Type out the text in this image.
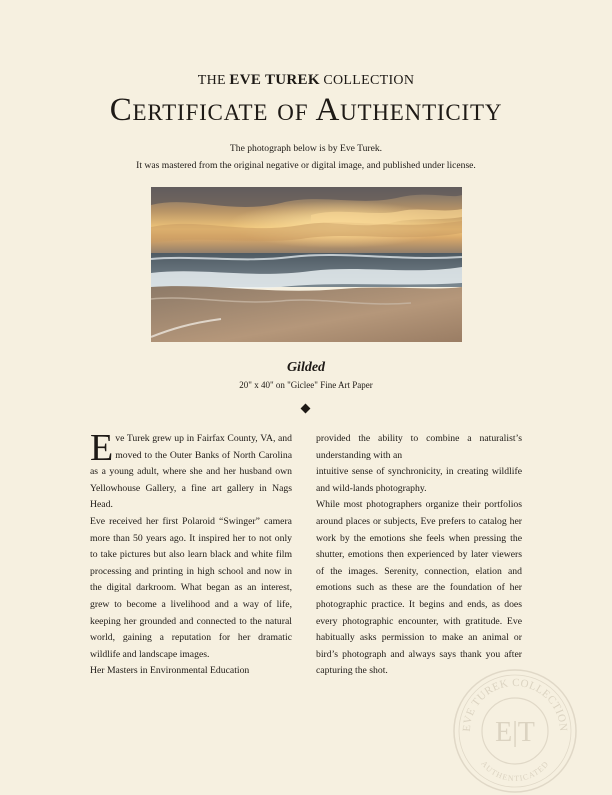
THE EVE TUREK COLLECTION
Certificate of Authenticity
The photograph below is by Eve Turek.
It was mastered from the original negative or digital image, and published under license.
Gilded
20" x 40" on "Giclee" Fine Art Paper

Eve Turek grew up in Fairfax County, VA, and moved to the Outer Banks of North Carolina as a young adult, where she and her husband own Yellowhouse Gallery, a fine art gallery in Nags Head.

Eve received her first Polaroid “Swinger” camera more than 50 years ago. It inspired her to not only to take pictures but also learn black and white film processing and printing in high school and now in the digital darkroom. What began as an interest, grew to become a livelihood and a way of life, keeping her grounded and connected to the natural world, gaining a reputation for her dramatic wildlife and landscape images.

Her Masters in Environmental Education

provided the ability to combine a naturalist’s understanding with an

intuitive sense of synchronicity, in creating wildlife and wild-lands photography.

While most photographers organize their portfolios around places or subjects, Eve prefers to catalog her work by the emotions she feels when pressing the shutter, emotions then experienced by later viewers of the images. Serenity, connection, elation and emotions such as these are the foundation of her photographic practice. It begins and ends, as does every photographic encounter, with gratitude. Eve habitually asks permission to make an animal or bird’s photograph and always says thank you after capturing the shot.

EVE TUREK COLLECTION
AUTHENTICATED
E|T
